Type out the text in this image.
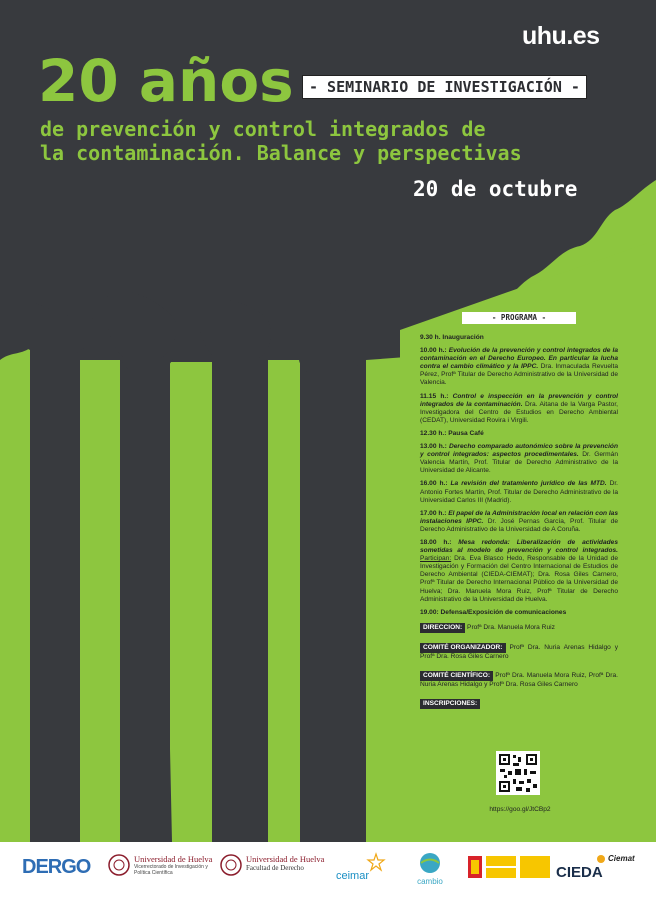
uhu.es
20 años	- SEMINARIO DE INVESTIGACIÓN -
de prevención y control integrados de
la contaminación. Balance y perspectivas
20 de octubre
- PROGRAMA -
9.30 h. Inauguración
10.00 h.: Evolución de la prevención y control integrados de la contaminación en el Derecho Europeo. En particular la lucha contra el cambio climático y la IPPC. Dra. Inmaculada Revuelta Pérez, Profª Titular de Derecho Administrativo de la Universidad de Valencia.
11.15 h.: Control e inspección en la prevención y control integrados de la contaminación. Dra. Aitana de la Varga Pastor, Investigadora del Centro de Estudios en Derecho Ambiental (CEDAT), Universidad Rovira i Virgili.
12.30 h.: Pausa Café
13.00 h.: Derecho comparado autonómico sobre la prevención y control integrados: aspectos procedimentales. Dr. Germán Valencia Martín, Prof. Titular de Derecho Administrativo de la Universidad de Alicante.
16.00 h.: La revisión del tratamiento jurídico de las MTD. Dr. Antonio Fortes Martín, Prof. Titular de Derecho Administrativo de la Universidad Carlos III (Madrid).
17.00 h.: El papel de la Administración local en relación con las instalaciones IPPC. Dr. José Pernas García, Prof. Titular de Derecho Administrativo de la Universidad de A Coruña.
18.00 h.: Mesa redonda: Liberalización de actividades sometidas al modelo de prevención y control integrados. Participan: Dra. Eva Blasco Hedo, Responsable de la Unidad de Investigación y Formación del Centro Internacional de Estudios de Derecho Ambiental (CIEDA-CIEMAT); Dra. Rosa Giles Carnero, Profª Titular de Derecho Internacional Público de la Universidad de Huelva; Dra. Manuela Mora Ruiz, Profª Titular de Derecho Administrativo de la Universidad de Huelva.
19.00: Defensa/Exposición de comunicaciones
DIRECCION: Profª Dra. Manuela Mora Ruiz
COMITÉ ORGANIZADOR: Profª Dra. Nuria Arenas Hidalgo y Profª Dra. Rosa Giles Carnero
COMITÉ CIENTÍFICO: Profª Dra. Manuela Mora Ruiz, Profª Dra. Nuria Arenas Hidalgo y Profª Dra. Rosa Giles Carnero
INSCRIPCIONES:
https://goo.gl/JtCBp2
DERGO	Universidad de Huelva
Vicerrectorado de Investigación y Política Científica
Universidad de Huelva
Facultad de Derecho
$_{ceimar}$	cambio
CIEDA
Ciemat
